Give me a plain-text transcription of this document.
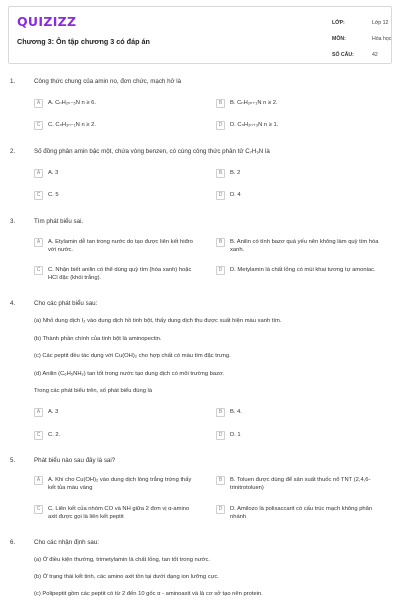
QUIZIZZ
Chương 3: Ôn tập chương 3 có đáp án
LỚP:	Lớp 12
MÔN:	Hóa học
SỐ CÂU:	42
1.	Công thức chung của amin no, đơn chức, mạch hở là
A	A. CₙH₂ₙ₋₅N n ≥ 6.	B	B. CₙH₂ₙ₊₁N n ≥ 2.
C	C. CₙH₂ₙ₋₁N n ≥ 2.	D	D. CₙH₂ₙ₊₃N n ≥ 1.
2.	Số đồng phân amin bậc một, chứa vòng benzen, có cùng công thức phân tử C₇H₉N là
A	A. 3	B	B. 2
C	C. 5	D	D. 4
3.	Tìm phát biểu sai.
A	A. Etylamin dễ tan trong nước do tạo được liên kết hiđro với nước.
B	B. Anilin có tính bazơ quá yếu nên không làm quỳ tím hóa xanh.
C	C. Nhận biết anilin có thể dùng quỳ tím (hóa xanh) hoặc HCl đặc (khói trắng).
D	D. Metylamin là chất lỏng có mùi khai tương tự amoniac.
4.	Cho các phát biểu sau:
(a) Nhỏ dung dịch I₂ vào dung dịch hồ tinh bột, thấy dung dịch thu được xuất hiện màu xanh tím.
(b) Thành phần chính của tinh bột là aminopectin.
(c) Các peptit đều tác dụng với Cu(OH)₂ cho hợp chất có màu tím đặc trưng.
(d) Anilin (C₆H₅NH₂) tan tốt trong nước tạo dung dịch có môi trường bazơ.
Trong các phát biểu trên, số phát biểu đúng là
A	A. 3	B	B. 4.
C	C. 2.	D	D. 1
5.	Phát biểu nào sau đây là sai?
A	A. Khi cho Cu(OH)₂ vào dung dịch lòng trắng trứng thấy kết tủa màu vàng
B	B. Toluen được dùng để sản xuất thuốc nổ TNT (2,4,6-trinitrotoluen)
C	C. Liên kết của nhóm CO và NH giữa 2 đơn vị α-amino axit được gọi là liên kết peptit
D	D. Amilozo là polisaccarit có cấu trúc mạch không phân nhánh
6.	Cho các nhận định sau:
(a) Ở điều kiện thường, trimetylamin là chất lỏng, tan tốt trong nước.
(b) Ở trạng thái kết tinh, các amino axit tồn tại dưới dạng ion lưỡng cực.
(c) Polipeptit gồm các peptit có từ 2 đến 10 gốc α - aminoaxit và là cơ sở tạo nên protein.
